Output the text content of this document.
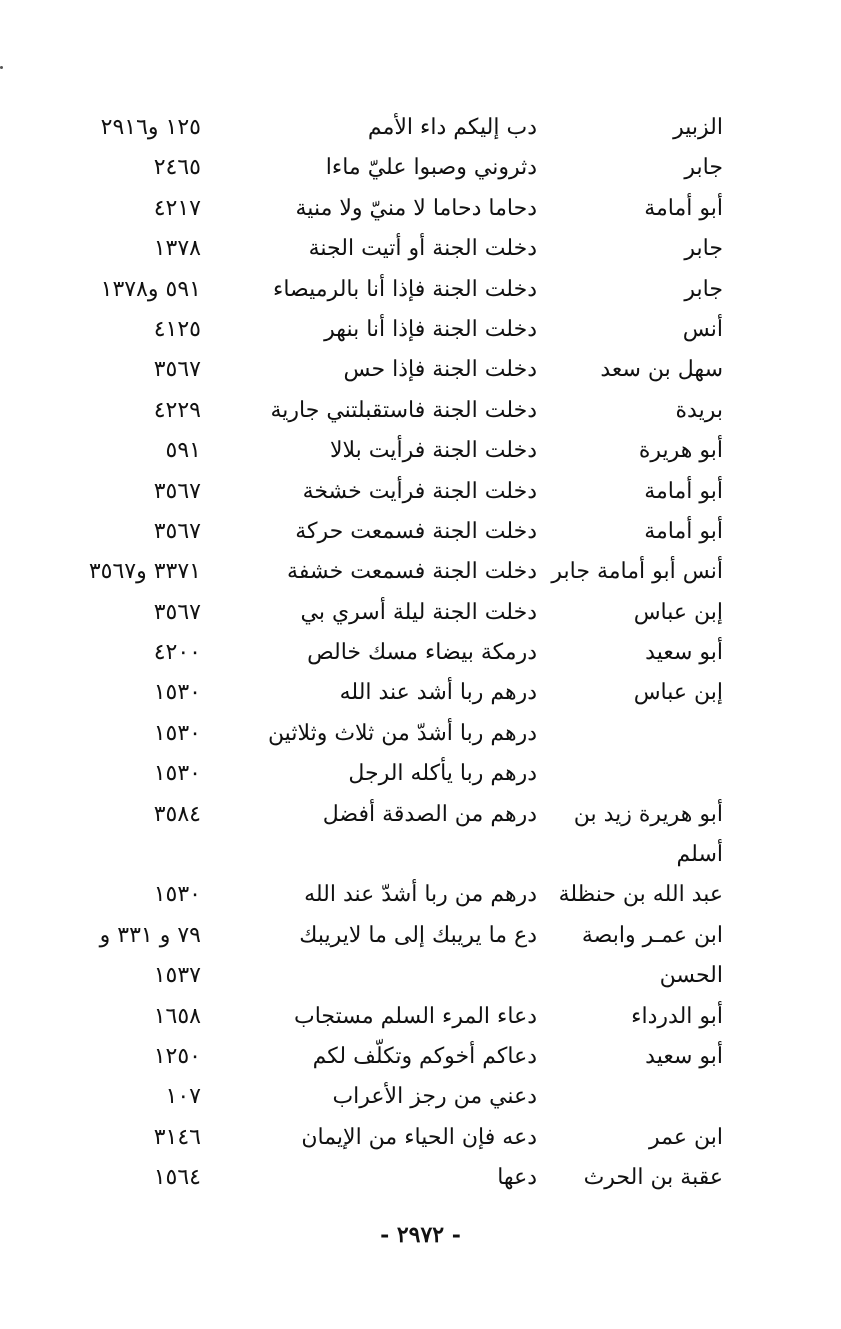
الزبير
دب إليكم داء الأمم
١٢٥ و٢٩١٦
جابر
دثروني وصبوا عليّ ماءا
٢٤٦٥
أبو أمامة
دحاما دحاما لا منيّ ولا منية
٤٢١٧
جابر
دخلت الجنة أو أتيت الجنة
١٣٧٨
جابر
دخلت الجنة فإذا أنا بالرميصاء
٥٩١ و١٣٧٨
أنس
دخلت الجنة فإذا أنا بنهر
٤١٢٥
سهل بن سعد
دخلت الجنة فإذا حس
٣٥٦٧
بريدة
دخلت الجنة فاستقبلتني جارية
٤٢٢٩
أبو هريرة
دخلت الجنة فرأيت بلالا
٥٩١
أبو أمامة
دخلت الجنة فرأيت خشخة
٣٥٦٧
أبو أمامة
دخلت الجنة فسمعت حركة
٣٥٦٧
أنس أبو أمامة جابر
دخلت الجنة فسمعت خشفة
٣٣٧١ و٣٥٦٧
إبن عباس
دخلت الجنة ليلة أسري بي
٣٥٦٧
أبو سعيد
درمكة بيضاء مسك خالص
٤٢٠٠
إبن عباس
درهم ربا أشد عند الله
١٥٣٠
درهم ربا أشدّ من ثلاث وثلاثين
١٥٣٠
درهم ربا يأكله الرجل
١٥٣٠
أبو هريرة زيد بن
درهم من الصدقة أفضل
٣٥٨٤
أسلم
عبد الله بن حنظلة
درهم من ربا أشدّ عند الله
١٥٣٠
ابن عمـر وابصة
دع ما يريبك إلى ما لايريبك
٧٩ و ٣٣١ و
الحسن
١٥٣٧
أبو الدرداء
دعاء المرء السلم مستجاب
١٦٥٨
أبو سعيد
دعاكم أخوكم وتكلّف لكم
١٢٥٠
دعني من رجز الأعراب
١٠٧
ابن عمر
دعه فإن الحياء من الإيمان
٣١٤٦
عقبة بن الحرث
دعها
١٥٦٤
- ٢٩٧٢ -
